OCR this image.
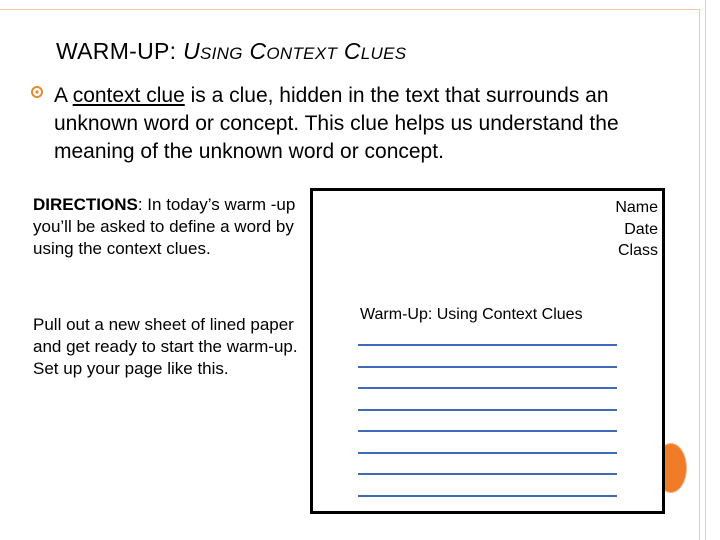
WARM-UP: USING CONTEXT CLUES
A context clue is a clue, hidden in the text that surrounds an unknown word or concept. This clue helps us understand the meaning of the unknown word or concept.
DIRECTIONS: In today’s warm -up you’ll be asked to define a word by using the context clues.
Pull out a new sheet of lined paper and get ready to start the warm-up. Set up your page like this.
Name
Date
Class
Warm-Up: Using Context Clues
